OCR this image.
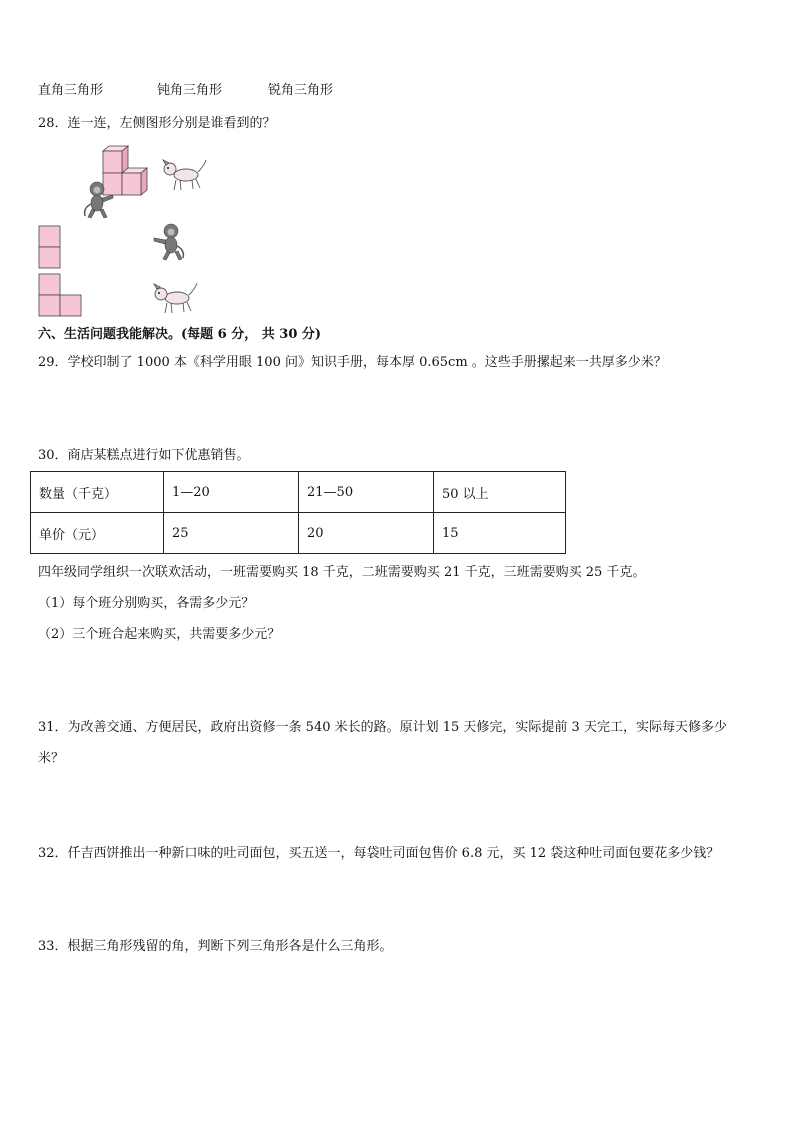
直角三角形	钝角三角形	锐角三角形
28．连一连，左侧图形分别是谁看到的？
六、生活问题我能解决。(每题 6 分， 共 30 分)
29．学校印制了 1000 本《科学用眼 100 问》知识手册，每本厚 0.65cm 。这些手册摞起来一共厚多少米？
30．商店某糕点进行如下优惠销售。
数量（千克）	1—20	21—50	50 以上
单价（元）	25	20	15
四年级同学组织一次联欢活动，一班需要购买 18 千克，二班需要购买 21 千克，三班需要购买 25 千克。
（1）每个班分别购买，各需多少元？
（2）三个班合起来购买，共需要多少元？
31．为改善交通、方便居民，政府出资修一条 540 米长的路。原计划 15 天修完，实际提前 3 天完工，实际每天修多少
米？
32．仟吉西饼推出一种新口味的吐司面包，买五送一，每袋吐司面包售价 6.8 元，买 12 袋这种吐司面包要花多少钱？
33．根据三角形残留的角，判断下列三角形各是什么三角形。
